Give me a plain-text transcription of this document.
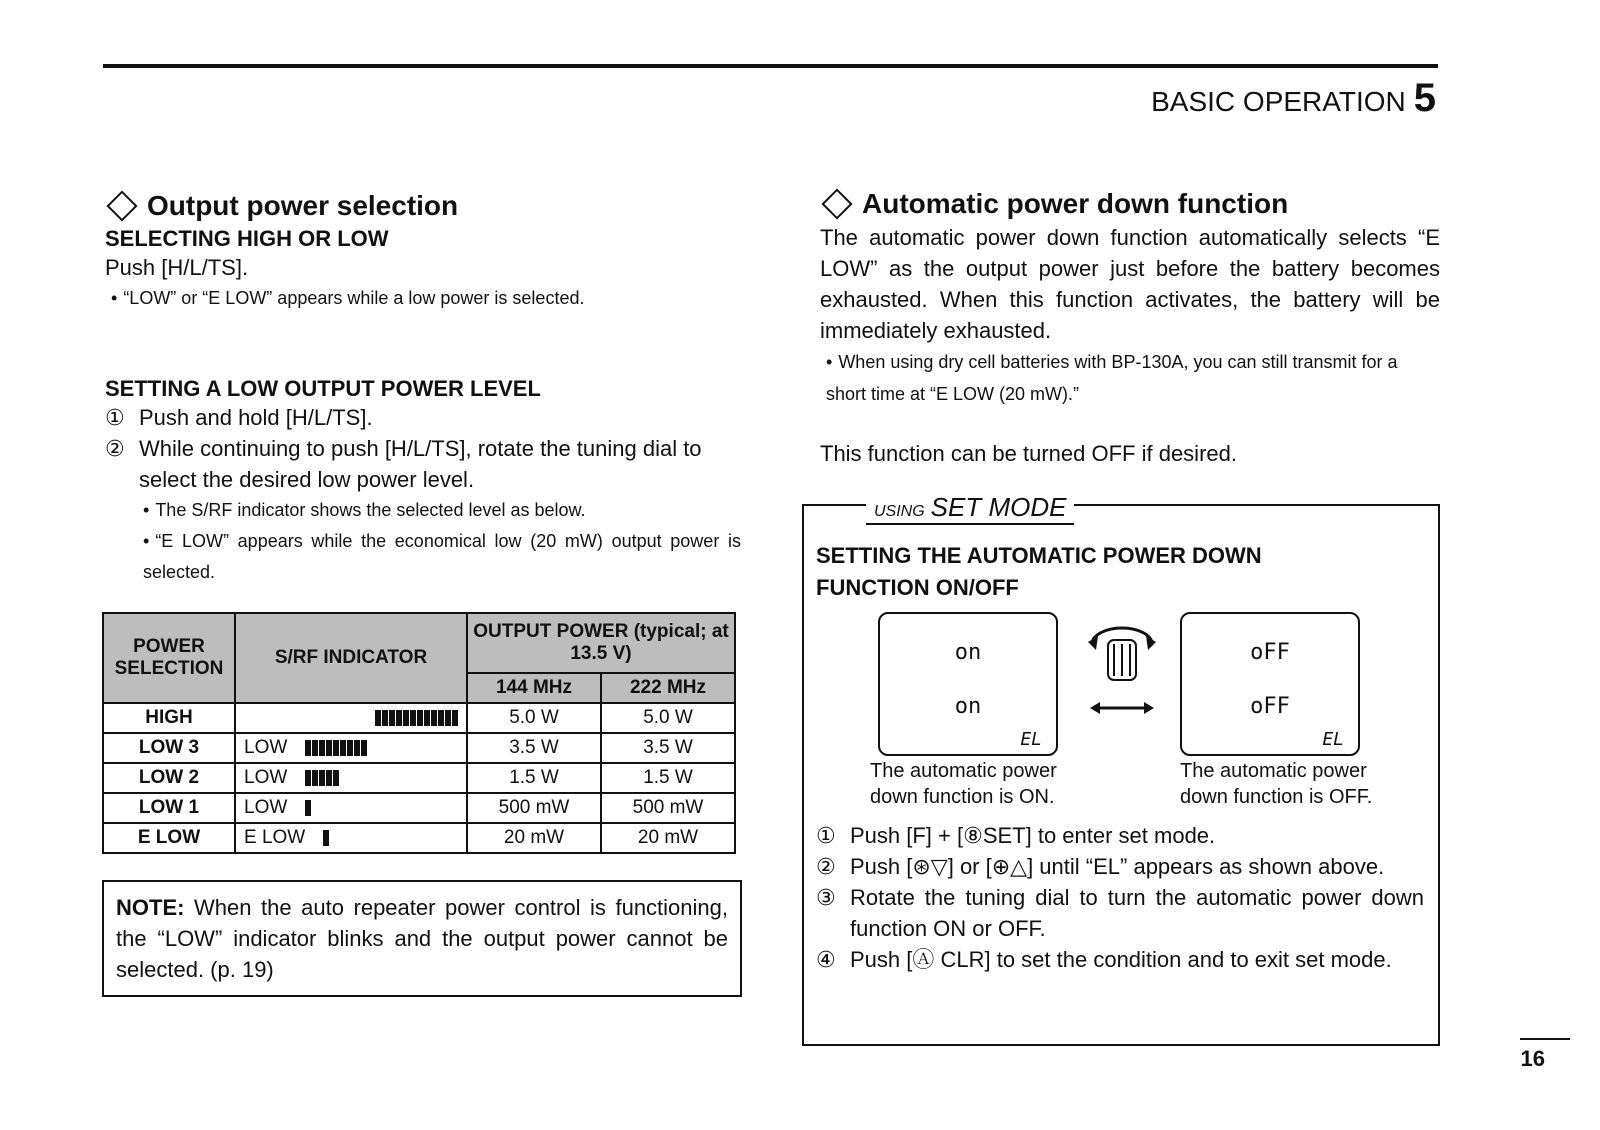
BASIC OPERATION 5
Output power selection
SELECTING HIGH OR LOW

Push [H/L/TS].

• “LOW” or “E LOW” appears while a low power is selected.
SETTING A LOW OUTPUT POWER LEVEL
① Push and hold [H/L/TS].
② While continuing to push [H/L/TS], rotate the tuning dial to select the desired low power level.
• The S/RF indicator shows the selected level as below.
• “E LOW” appears while the economical low (20 mW) output power is selected.
POWER SELECTION	S/RF INDICATOR	OUTPUT POWER (typical; at 13.5 V)	
		144 MHz	222 MHz
HIGH		5.0 W	5.0 W
LOW 3	LOW	3.5 W	3.5 W
LOW 2	LOW	1.5 W	1.5 W
LOW 1	LOW	500 mW	500 mW
E LOW	E LOW	20 mW	20 mW
NOTE: When the auto repeater power control is functioning, the “LOW” indicator blinks and the output power cannot be selected. (p. 19)
Automatic power down function

The automatic power down function automatically selects “E LOW” as the output power just before the battery becomes exhausted. When this function activates, the battery will be immediately exhausted.

• When using dry cell batteries with BP-130A, you can still transmit for a short time at “E LOW (20 mW).”

This function can be turned OFF if desired.

USING SET MODE
SETTING THE AUTOMATIC POWER DOWN FUNCTION ON/OFF
on
on
EL
oFF
oFF
EL
The automatic power down function is ON.
The automatic power down function is OFF.
① Push [F] + [⑧SET] to enter set mode.
② Push [⊛▽] or [⊕△] until “EL” appears as shown above.
③ Rotate the tuning dial to turn the automatic power down function ON or OFF.
④ Push [Ⓐ CLR] to set the condition and to exit set mode.
16
